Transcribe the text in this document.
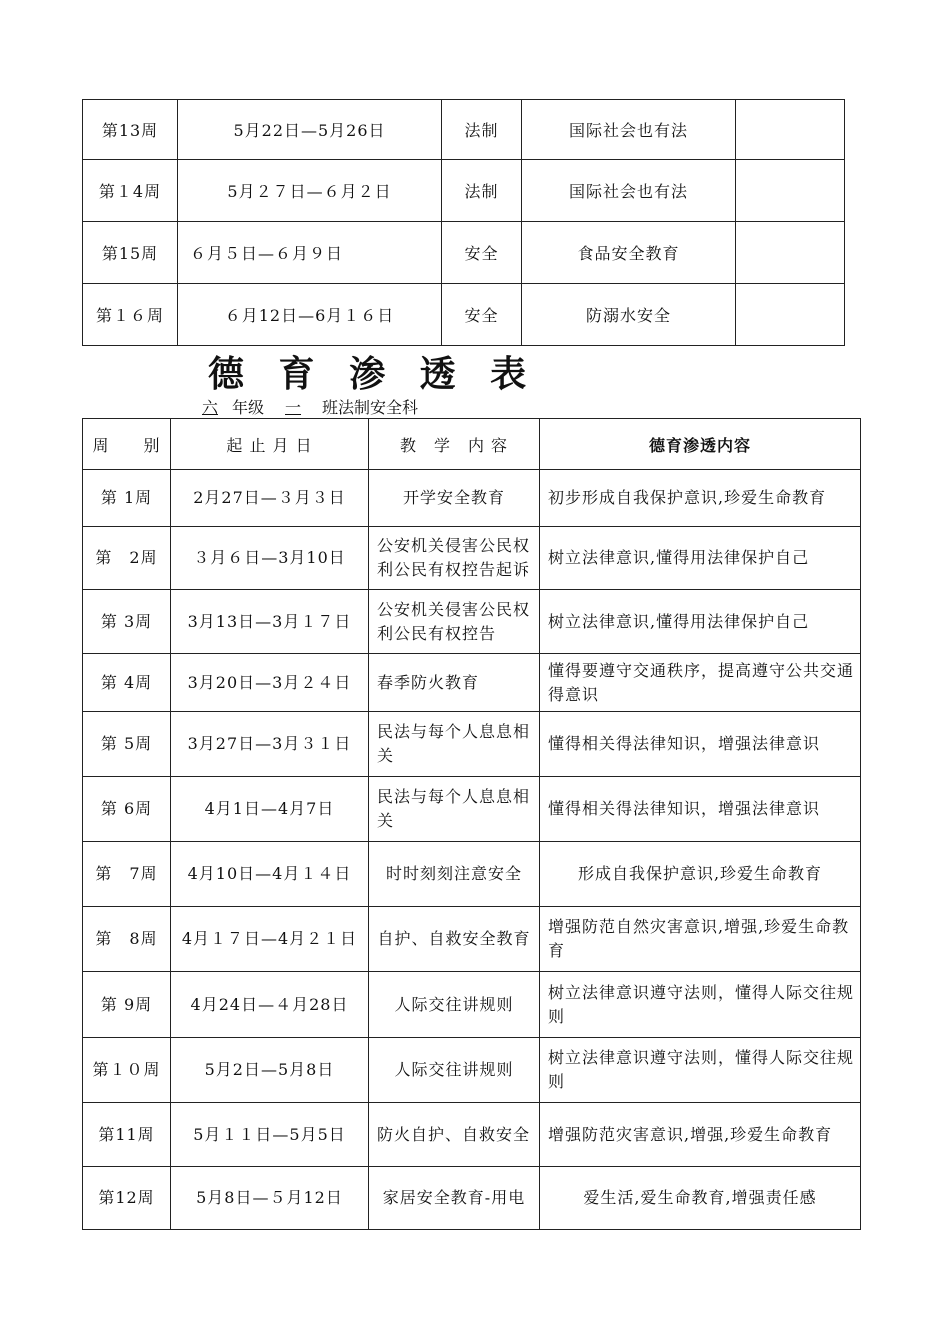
第13周	5月22日—5月26日	法制	国际社会也有法	
第１4周	5月２７日—６月２日	法制	国际社会也有法	
第15周	６月５日—６月９日	安全	食品安全教育	
第１６周	６月12日—6月１６日	安全	防溺水安全	
德 育 渗 透 表
六 年级 一 班法制安全科
周　　别	起 止 月 日	教　学　内 容	德育渗透内容

第 1周	2月27日—３月３日	开学安全教育	初步形成自我保护意识,珍爱生命教育

第　2周	３月６日—3月10日	公安机关侵害公民权利公民有权控告起诉	树立法律意识,懂得用法律保护自己

第 3周	3月13日—3月１７日	公安机关侵害公民权利公民有权控告	树立法律意识,懂得用法律保护自己

第 4周	3月20日—3月２４日	春季防火教育	懂得要遵守交通秩序，提高遵守公共交通得意识

第 5周	3月27日—3月３１日	民法与每个人息息相关	懂得相关得法律知识，增强法律意识

第 6周	4月1日—4月7日	民法与每个人息息相关	懂得相关得法律知识，增强法律意识

第　7周	4月10日—4月１４日	时时刻刻注意安全	形成自我保护意识,珍爱生命教育

第　8周	4月１７日—4月２１日	自护、自救安全教育	增强防范自然灾害意识,增强,珍爱生命教育

第 9周	4月24日—４月28日	人际交往讲规则	树立法律意识遵守法则，懂得人际交往规则

第１０周	5月2日—5月8日	人际交往讲规则	树立法律意识遵守法则，懂得人际交往规则

第11周	5月１１日—5月5日	防火自护、自救安全	增强防范灾害意识,增强,珍爱生命教育

第12周	5月8日—５月12日	家居安全教育-用电	爱生活,爱生命教育,增强责任感
